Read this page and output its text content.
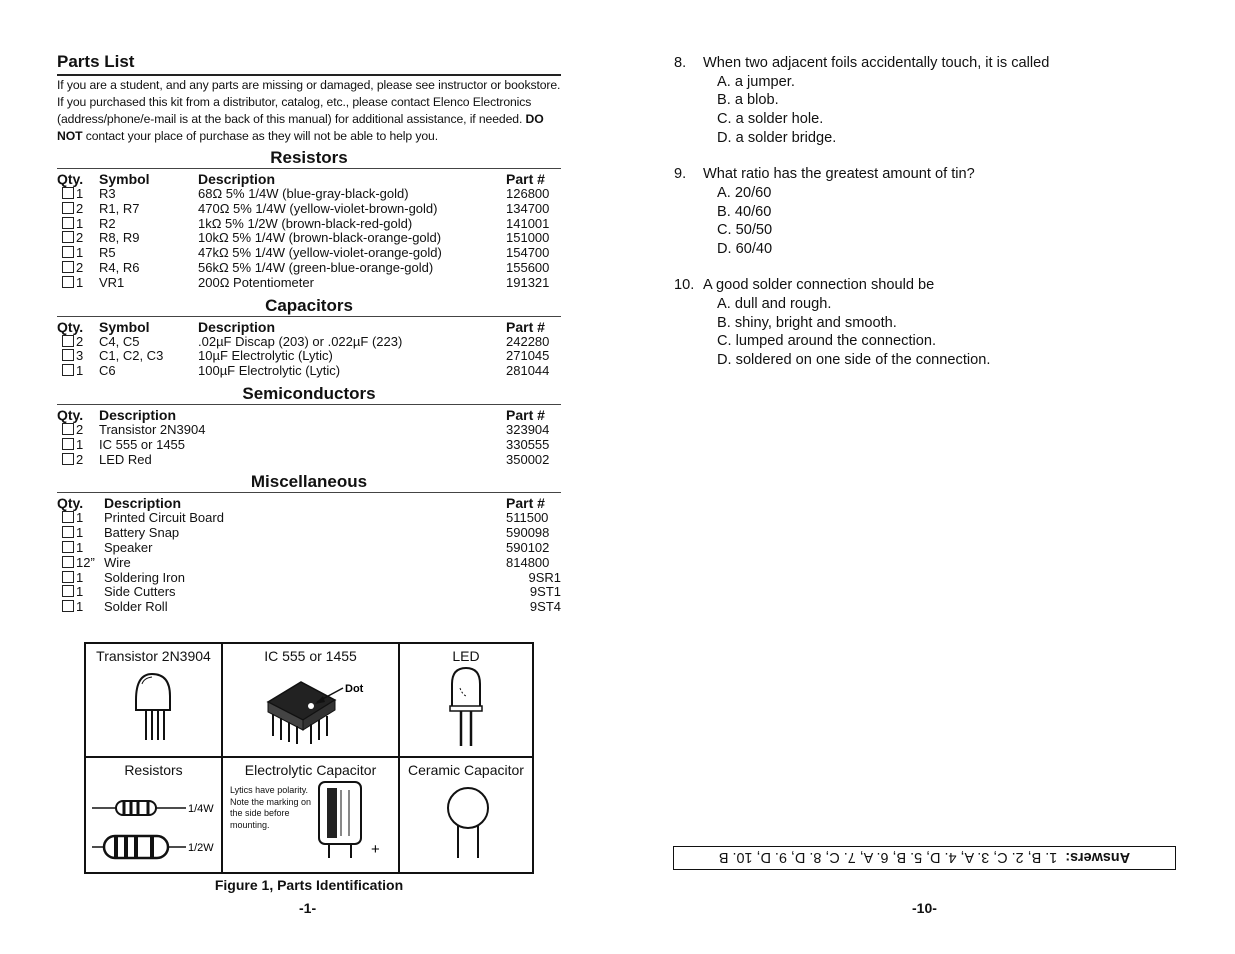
Parts List
If you are a student, and any parts are missing or damaged, please see instructor or bookstore. If you purchased this kit from a distributor, catalog, etc., please contact Elenco Electronics (address/phone/e-mail is at the back of this manual) for additional assistance, if needed. DO NOT contact your place of purchase as they will not be able to help you.
Resistors
Qty. Symbol	Description	Part #
1 R3	68Ω 5% 1/4W (blue-gray-black-gold)	126800
2 R1, R7	470Ω 5% 1/4W (yellow-violet-brown-gold)	134700
1 R2	1kΩ 5% 1/2W (brown-black-red-gold)	141001
2 R8, R9	10kΩ 5% 1/4W (brown-black-orange-gold)	151000
1 R5	47kΩ 5% 1/4W (yellow-violet-orange-gold)	154700
2 R4, R6	56kΩ 5% 1/4W (green-blue-orange-gold)	155600
1 VR1	200Ω Potentiometer	191321
Capacitors
Qty. Symbol	Description	Part #
2 C4, C5	.02µF Discap (203) or .022µF (223)	242280
3 C1, C2, C3	10µF Electrolytic (Lytic)	271045
1 C6	100µF Electrolytic (Lytic)	281044
Semiconductors
Qty. Description	Part #
2 Transistor 2N3904	323904
1 IC 555 or 1455	330555
2 LED Red	350002
Miscellaneous
Qty. Description	Part #
1 Printed Circuit Board	511500
1 Battery Snap	590098
1 Speaker	590102
12” Wire	814800
1 Soldering Iron	9SR1
1 Side Cutters	9ST1
1 Solder Roll	9ST4
Transistor 2N3904	IC 555 or 1455
Dot
LED
Resistors
1/4W
1/2W
Electrolytic Capacitor
Lytics have polarity. Note the marking on the side before mounting.
+
Ceramic Capacitor
Figure 1, Parts Identification
-1-
8. When two adjacent foils accidentally touch, it is called
A. a jumper.
B. a blob.
C. a solder hole.
D. a solder bridge.
9. What ratio has the greatest amount of tin?
A. 20/60
B. 40/60
C. 50/50
D. 60/40
10. A good solder connection should be
A. dull and rough.
B. shiny, bright and smooth.
C. lumped around the connection.
D. soldered on one side of the connection.
Answers:  1. B, 2. C, 3. A, 4. D, 5. B, 6. A, 7. C, 8. D, 9. D, 10. B
-10-
